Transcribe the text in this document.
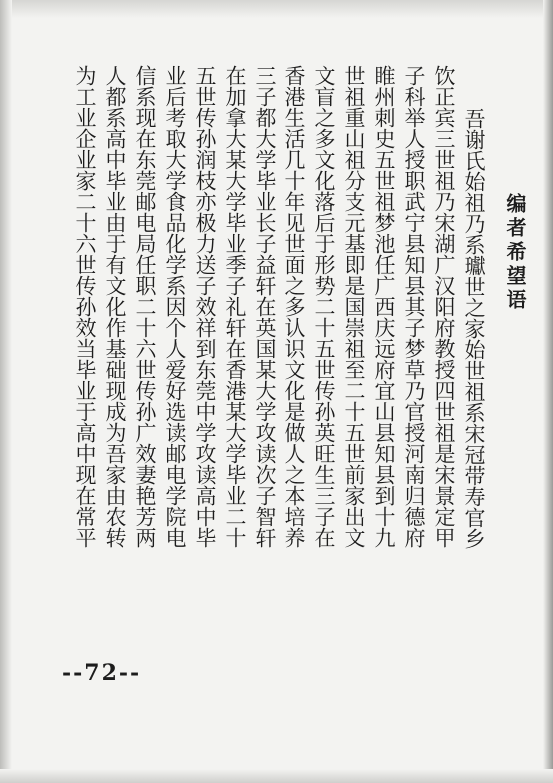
编者希望语
吾谢氏始祖乃系瓛世之家始世祖系宋冠带寿官乡
饮正宾三世祖乃宋湖广汉阳府教授四世祖是宋景定甲
子科举人授职武宁县知县其子梦草乃官授河南归德府
睢州刺史五世祖梦池任广西庆远府宜山县知县到十九
世祖重山祖分支元基即是国崇祖至二十五世前家出文
文盲之多文化落后于形势二十五世传孙英旺生三子在
香港生活几十年见世面之多认识文化是做人之本培养
三子都大学毕业长子益轩在英国某大学攻读次子智轩
在加拿大某大学毕业季子礼轩在香港某大学毕业二十
五世传孙润枝亦极力送子效祥到东莞中学攻读高中毕
业后考取大学食品化学系因个人爱好选读邮电学院电
信系现在东莞邮电局任职二十六世传孙广效妻艳芳两
人都系高中毕业由于有文化作基础现成为吾家由农转
为工业企业家二十六世传孙效当毕业于高中现在常平
--72--
